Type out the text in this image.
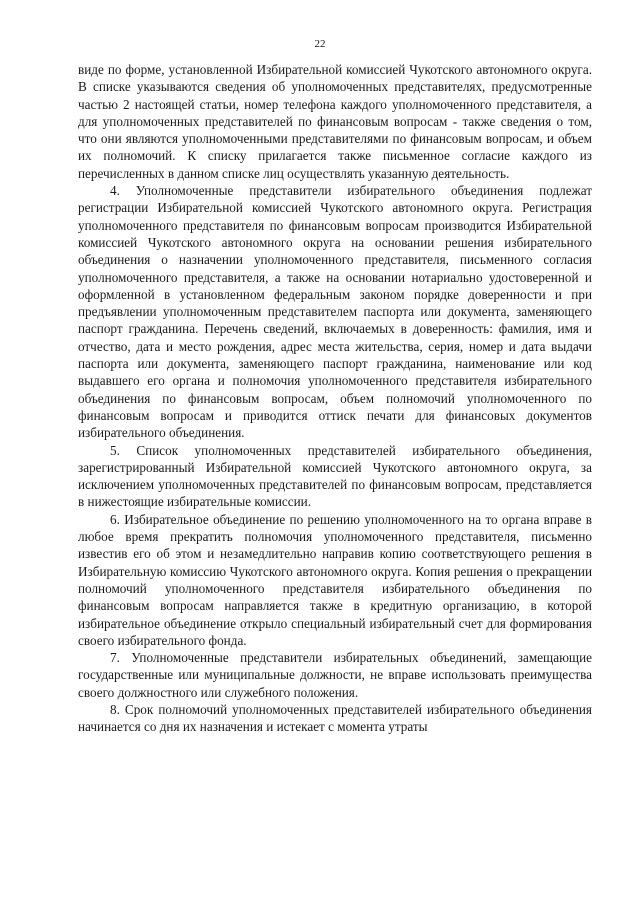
22

виде по форме, установленной Избирательной комиссией Чукотского автономного округа. В списке указываются сведения об уполномоченных представителях, предусмотренные частью 2 настоящей статьи, номер телефона каждого уполномоченного представителя, а для уполномоченных представителей по финансовым вопросам - также сведения о том, что они являются уполномоченными представителями по финансовым вопросам, и объем их полномочий. К списку прилагается также письменное согласие каждого из перечисленных в данном списке лиц осуществлять указанную деятельность.

4. Уполномоченные представители избирательного объединения подлежат регистрации Избирательной комиссией Чукотского автономного округа. Регистрация уполномоченного представителя по финансовым вопросам производится Избирательной комиссией Чукотского автономного округа на основании решения избирательного объединения о назначении уполномоченного представителя, письменного согласия уполномоченного представителя, а также на основании нотариально удостоверенной и оформленной в установленном федеральным законом порядке доверенности и при предъявлении уполномоченным представителем паспорта или документа, заменяющего паспорт гражданина. Перечень сведений, включаемых в доверенность: фамилия, имя и отчество, дата и место рождения, адрес места жительства, серия, номер и дата выдачи паспорта или документа, заменяющего паспорт гражданина, наименование или код выдавшего его органа и полномочия уполномоченного представителя избирательного объединения по финансовым вопросам, объем полномочий уполномоченного по финансовым вопросам и приводится оттиск печати для финансовых документов избирательного объединения.

5. Список уполномоченных представителей избирательного объединения, зарегистрированный Избирательной комиссией Чукотского автономного округа, за исключением уполномоченных представителей по финансовым вопросам, представляется в нижестоящие избирательные комиссии.

6. Избирательное объединение по решению уполномоченного на то органа вправе в любое время прекратить полномочия уполномоченного представителя, письменно известив его об этом и незамедлительно направив копию соответствующего решения в Избирательную комиссию Чукотского автономного округа. Копия решения о прекращении полномочий уполномоченного представителя избирательного объединения по финансовым вопросам направляется также в кредитную организацию, в которой избирательное объединение открыло специальный избирательный счет для формирования своего избирательного фонда.

7. Уполномоченные представители избирательных объединений, замещающие государственные или муниципальные должности, не вправе использовать преимущества своего должностного или служебного положения.

8. Срок полномочий уполномоченных представителей избирательного объединения начинается со дня их назначения и истекает с момента утраты
